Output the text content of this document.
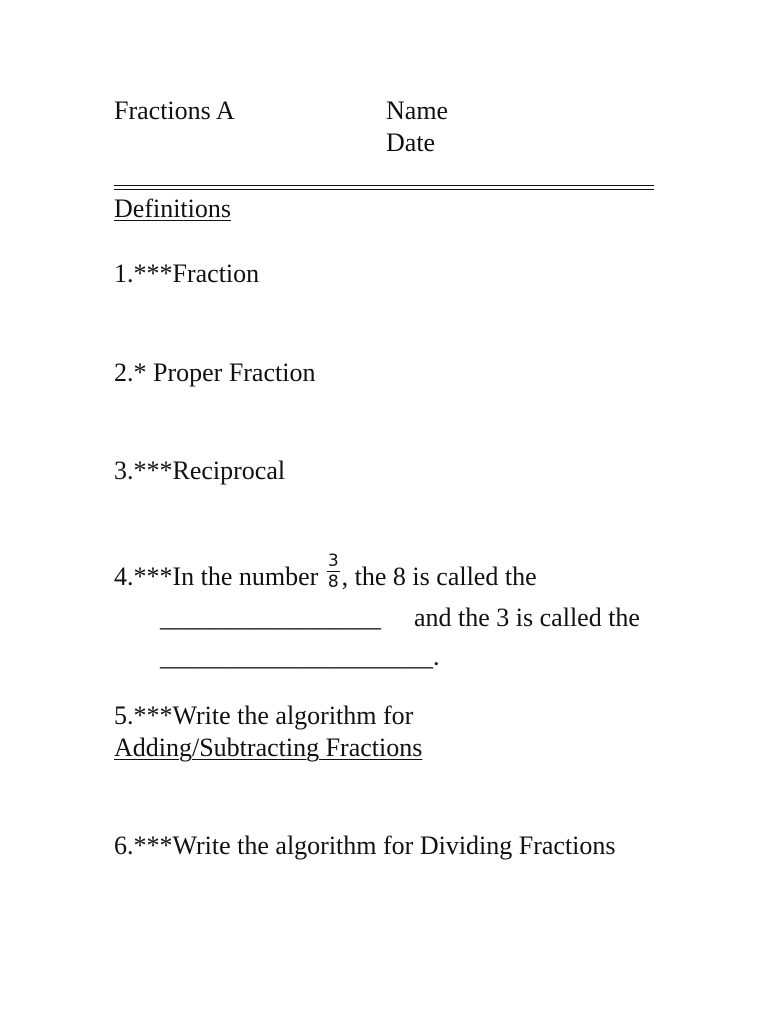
Fractions A	Name
Date
Definitions
1.***Fraction
2.* Proper Fraction
3.***Reciprocal
4.***In the number $\frac{3}{8}$ , the 8 is called the
_________________ and the 3 is called the
_____________________.
5.***Write the algorithm for
Adding/Subtracting Fractions
6.***Write the algorithm for Dividing Fractions
